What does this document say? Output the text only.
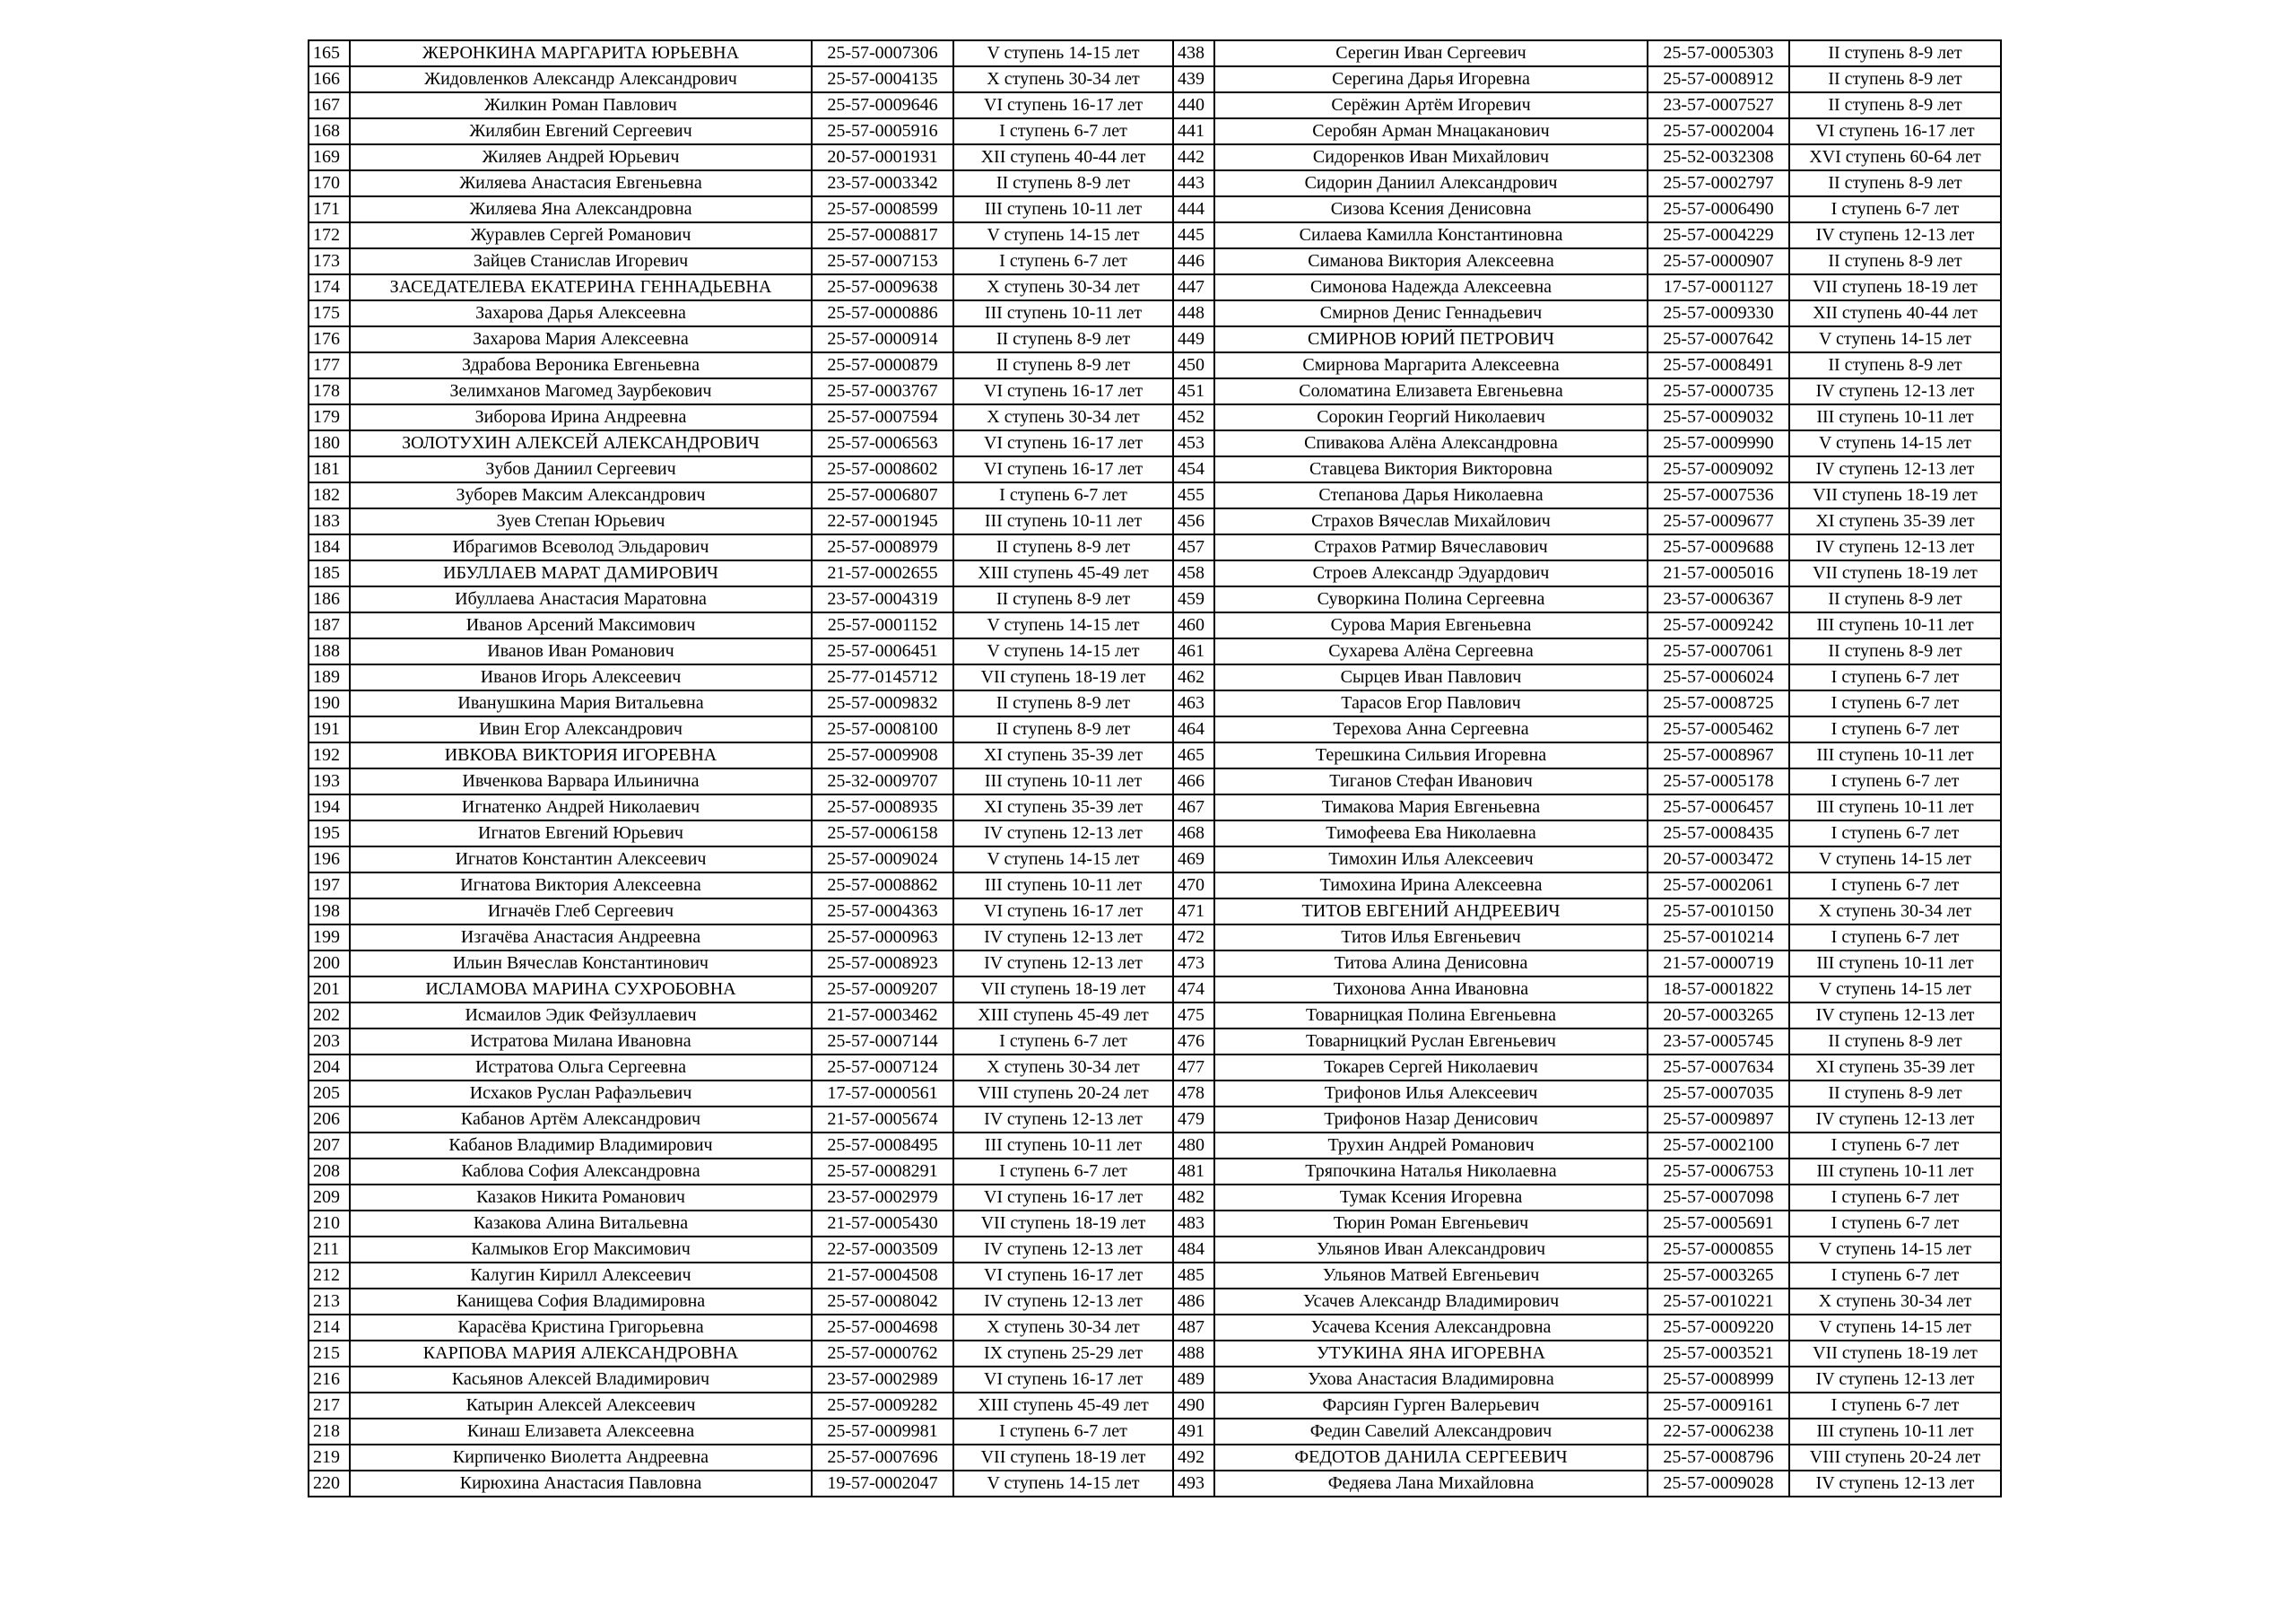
165	ЖЕРОНКИНА МАРГАРИТА ЮРЬЕВНА	25-57-0007306	V ступень 14-15 лет	438	Серегин Иван Сергеевич	25-57-0005303	II ступень 8-9 лет
166	Жидовленков Александр Александрович	25-57-0004135	X ступень 30-34 лет	439	Серегина Дарья Игоревна	25-57-0008912	II ступень 8-9 лет
167	Жилкин Роман Павлович	25-57-0009646	VI ступень 16-17 лет	440	Серёжин Артём Игоревич	23-57-0007527	II ступень 8-9 лет
168	Жилябин Евгений Сергеевич	25-57-0005916	I ступень 6-7 лет	441	Серобян Арман Мнацаканович	25-57-0002004	VI ступень 16-17 лет
169	Жиляев Андрей Юрьевич	20-57-0001931	XII ступень 40-44 лет	442	Сидоренков Иван Михайлович	25-52-0032308	XVI ступень 60-64 лет
170	Жиляева Анастасия Евгеньевна	23-57-0003342	II ступень 8-9 лет	443	Сидорин Даниил Александрович	25-57-0002797	II ступень 8-9 лет
171	Жиляева Яна Александровна	25-57-0008599	III ступень 10-11 лет	444	Сизова Ксения Денисовна	25-57-0006490	I ступень 6-7 лет
172	Журавлев Сергей Романович	25-57-0008817	V ступень 14-15 лет	445	Силаева Камилла Константиновна	25-57-0004229	IV ступень 12-13 лет
173	Зайцев Станислав Игоревич	25-57-0007153	I ступень 6-7 лет	446	Симанова Виктория Алексеевна	25-57-0000907	II ступень 8-9 лет
174	ЗАСЕДАТЕЛЕВА ЕКАТЕРИНА ГЕННАДЬЕВНА	25-57-0009638	X ступень 30-34 лет	447	Симонова Надежда Алексеевна	17-57-0001127	VII ступень 18-19 лет
175	Захарова Дарья Алексеевна	25-57-0000886	III ступень 10-11 лет	448	Смирнов Денис Геннадьевич	25-57-0009330	XII ступень 40-44 лет
176	Захарова Мария Алексеевна	25-57-0000914	II ступень 8-9 лет	449	СМИРНОВ ЮРИЙ ПЕТРОВИЧ	25-57-0007642	V ступень 14-15 лет
177	Здрабова Вероника Евгеньевна	25-57-0000879	II ступень 8-9 лет	450	Смирнова Маргарита Алексеевна	25-57-0008491	II ступень 8-9 лет
178	Зелимханов Магомед Заурбекович	25-57-0003767	VI ступень 16-17 лет	451	Соломатина Елизавета Евгеньевна	25-57-0000735	IV ступень 12-13 лет
179	Зиборова Ирина Андреевна	25-57-0007594	X ступень 30-34 лет	452	Сорокин Георгий Николаевич	25-57-0009032	III ступень 10-11 лет
180	ЗОЛОТУХИН АЛЕКСЕЙ АЛЕКСАНДРОВИЧ	25-57-0006563	VI ступень 16-17 лет	453	Спивакова Алёна Александровна	25-57-0009990	V ступень 14-15 лет
181	Зубов Даниил Сергеевич	25-57-0008602	VI ступень 16-17 лет	454	Ставцева Виктория Викторовна	25-57-0009092	IV ступень 12-13 лет
182	Зуборев Максим Александрович	25-57-0006807	I ступень 6-7 лет	455	Степанова Дарья Николаевна	25-57-0007536	VII ступень 18-19 лет
183	Зуев Степан Юрьевич	22-57-0001945	III ступень 10-11 лет	456	Страхов Вячеслав Михайлович	25-57-0009677	XI ступень 35-39 лет
184	Ибрагимов Всеволод Эльдарович	25-57-0008979	II ступень 8-9 лет	457	Страхов Ратмир Вячеславович	25-57-0009688	IV ступень 12-13 лет
185	ИБУЛЛАЕВ МАРАТ ДАМИРОВИЧ	21-57-0002655	XIII ступень 45-49 лет	458	Строев Александр Эдуардович	21-57-0005016	VII ступень 18-19 лет
186	Ибуллаева Анастасия Маратовна	23-57-0004319	II ступень 8-9 лет	459	Суворкина Полина Сергеевна	23-57-0006367	II ступень 8-9 лет
187	Иванов Арсений Максимович	25-57-0001152	V ступень 14-15 лет	460	Сурова Мария Евгеньевна	25-57-0009242	III ступень 10-11 лет
188	Иванов Иван Романович	25-57-0006451	V ступень 14-15 лет	461	Сухарева Алёна Сергеевна	25-57-0007061	II ступень 8-9 лет
189	Иванов Игорь Алексеевич	25-77-0145712	VII ступень 18-19 лет	462	Сырцев Иван Павлович	25-57-0006024	I ступень 6-7 лет
190	Иванушкина Мария Витальевна	25-57-0009832	II ступень 8-9 лет	463	Тарасов Егор Павлович	25-57-0008725	I ступень 6-7 лет
191	Ивин Егор Александрович	25-57-0008100	II ступень 8-9 лет	464	Терехова Анна Сергеевна	25-57-0005462	I ступень 6-7 лет
192	ИВКОВА ВИКТОРИЯ ИГОРЕВНА	25-57-0009908	XI ступень 35-39 лет	465	Терешкина Сильвия Игоревна	25-57-0008967	III ступень 10-11 лет
193	Ивченкова Варвара Ильинична	25-32-0009707	III ступень 10-11 лет	466	Тиганов Стефан Иванович	25-57-0005178	I ступень 6-7 лет
194	Игнатенко Андрей Николаевич	25-57-0008935	XI ступень 35-39 лет	467	Тимакова Мария Евгеньевна	25-57-0006457	III ступень 10-11 лет
195	Игнатов Евгений Юрьевич	25-57-0006158	IV ступень 12-13 лет	468	Тимофеева Ева Николаевна	25-57-0008435	I ступень 6-7 лет
196	Игнатов Константин Алексеевич	25-57-0009024	V ступень 14-15 лет	469	Тимохин Илья Алексеевич	20-57-0003472	V ступень 14-15 лет
197	Игнатова Виктория Алексеевна	25-57-0008862	III ступень 10-11 лет	470	Тимохина Ирина Алексеевна	25-57-0002061	I ступень 6-7 лет
198	Игначёв Глеб Сергеевич	25-57-0004363	VI ступень 16-17 лет	471	ТИТОВ ЕВГЕНИЙ АНДРЕЕВИЧ	25-57-0010150	X ступень 30-34 лет
199	Изгачёва Анастасия Андреевна	25-57-0000963	IV ступень 12-13 лет	472	Титов Илья Евгеньевич	25-57-0010214	I ступень 6-7 лет
200	Ильин Вячеслав Константинович	25-57-0008923	IV ступень 12-13 лет	473	Титова Алина Денисовна	21-57-0000719	III ступень 10-11 лет
201	ИСЛАМОВА МАРИНА СУХРОБОВНА	25-57-0009207	VII ступень 18-19 лет	474	Тихонова Анна Ивановна	18-57-0001822	V ступень 14-15 лет
202	Исмаилов Эдик Фейзуллаевич	21-57-0003462	XIII ступень 45-49 лет	475	Товарницкая Полина Евгеньевна	20-57-0003265	IV ступень 12-13 лет
203	Истратова Милана Ивановна	25-57-0007144	I ступень 6-7 лет	476	Товарницкий Руслан Евгеньевич	23-57-0005745	II ступень 8-9 лет
204	Истратова Ольга Сергеевна	25-57-0007124	X ступень 30-34 лет	477	Токарев Сергей Николаевич	25-57-0007634	XI ступень 35-39 лет
205	Исхаков Руслан Рафаэльевич	17-57-0000561	VIII ступень 20-24 лет	478	Трифонов Илья Алексеевич	25-57-0007035	II ступень 8-9 лет
206	Кабанов Артём Александрович	21-57-0005674	IV ступень 12-13 лет	479	Трифонов Назар Денисович	25-57-0009897	IV ступень 12-13 лет
207	Кабанов Владимир Владимирович	25-57-0008495	III ступень 10-11 лет	480	Трухин Андрей Романович	25-57-0002100	I ступень 6-7 лет
208	Каблова София Александровна	25-57-0008291	I ступень 6-7 лет	481	Тряпочкина Наталья Николаевна	25-57-0006753	III ступень 10-11 лет
209	Казаков Никита Романович	23-57-0002979	VI ступень 16-17 лет	482	Тумак Ксения Игоревна	25-57-0007098	I ступень 6-7 лет
210	Казакова Алина Витальевна	21-57-0005430	VII ступень 18-19 лет	483	Тюрин Роман Евгеньевич	25-57-0005691	I ступень 6-7 лет
211	Калмыков Егор Максимович	22-57-0003509	IV ступень 12-13 лет	484	Ульянов Иван Александрович	25-57-0000855	V ступень 14-15 лет
212	Калугин Кирилл Алексеевич	21-57-0004508	VI ступень 16-17 лет	485	Ульянов Матвей Евгеньевич	25-57-0003265	I ступень 6-7 лет
213	Канищева София Владимировна	25-57-0008042	IV ступень 12-13 лет	486	Усачев Александр Владимирович	25-57-0010221	X ступень 30-34 лет
214	Карасёва Кристина Григорьевна	25-57-0004698	X ступень 30-34 лет	487	Усачева Ксения Александровна	25-57-0009220	V ступень 14-15 лет
215	КАРПОВА МАРИЯ АЛЕКСАНДРОВНА	25-57-0000762	IX ступень 25-29 лет	488	УТУКИНА ЯНА ИГОРЕВНА	25-57-0003521	VII ступень 18-19 лет
216	Касьянов Алексей Владимирович	23-57-0002989	VI ступень 16-17 лет	489	Ухова Анастасия Владимировна	25-57-0008999	IV ступень 12-13 лет
217	Катырин Алексей Алексеевич	25-57-0009282	XIII ступень 45-49 лет	490	Фарсиян Гурген Валерьевич	25-57-0009161	I ступень 6-7 лет
218	Кинаш Елизавета Алексеевна	25-57-0009981	I ступень 6-7 лет	491	Федин Савелий Александрович	22-57-0006238	III ступень 10-11 лет
219	Кирпиченко Виолетта Андреевна	25-57-0007696	VII ступень 18-19 лет	492	ФЕДОТОВ ДАНИЛА СЕРГЕЕВИЧ	25-57-0008796	VIII ступень 20-24 лет
220	Кирюхина Анастасия Павловна	19-57-0002047	V ступень 14-15 лет	493	Федяева Лана Михайловна	25-57-0009028	IV ступень 12-13 лет
